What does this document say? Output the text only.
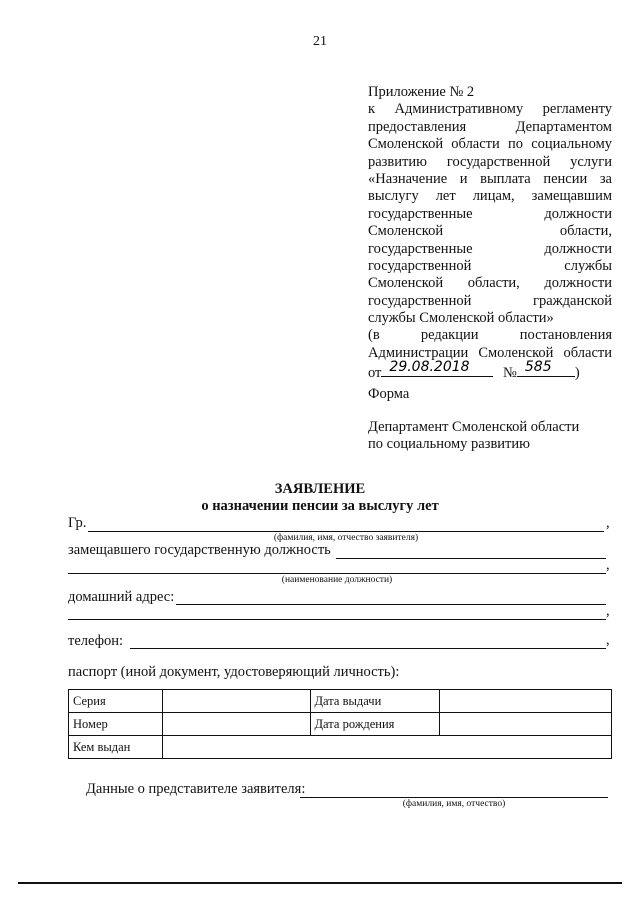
21
Приложение № 2
к Административному регламенту
предоставления Департаментом
Смоленской области по социальному
развитию государственной услуги
«Назначение и выплата пенсии за
выслугу лет лицам, замещавшим
государственные должности
Смоленской области,
государственные должности
государственной службы
Смоленской области, должности
государственной гражданской
службы Смоленской области»
(в редакции постановления
Администрации Смоленской области
от 29.08.2018 № 585 )
Форма
Департамент Смоленской области
по социальному развитию
ЗАЯВЛЕНИЕ
о назначении пенсии за выслугу лет
Гр.	,
(фамилия, имя, отчество заявителя)
замещавшего государственную должность
,
(наименование должности)
домашний адрес:
,
телефон:	,
паспорт (иной документ, удостоверяющий личность):
Серия		Дата выдачи	
Номер		Дата рождения	
Кем выдан			
Данные о представителе заявителя:
(фамилия, имя, отчество)
